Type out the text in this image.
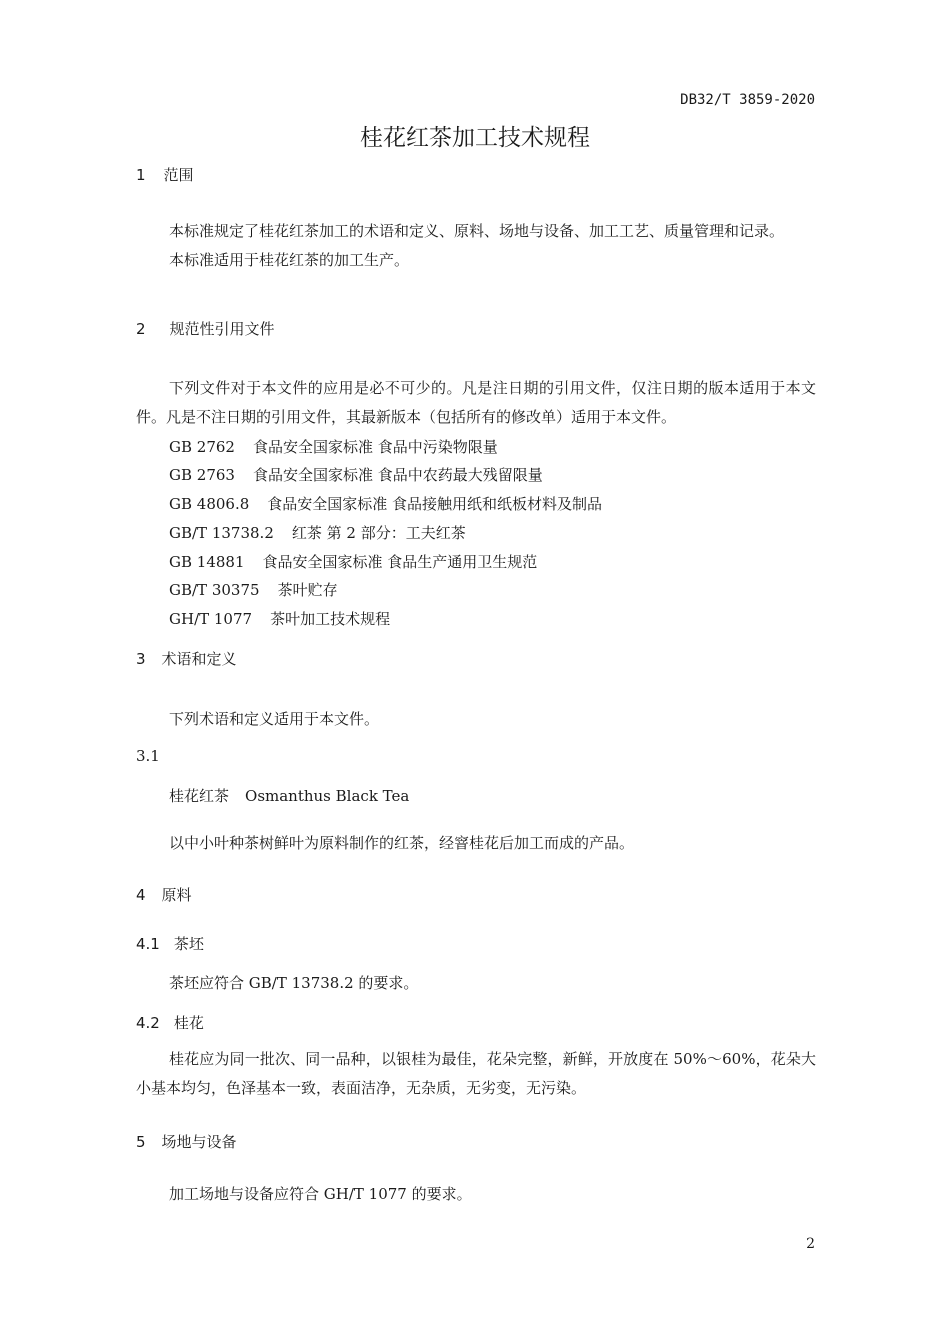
DB32/T 3859-2020
桂花红茶加工技术规程
1 范围
本标准规定了桂花红茶加工的术语和定义、原料、场地与设备、加工工艺、质量管理和记录。
本标准适用于桂花红茶的加工生产。
2 规范性引用文件
下列文件对于本文件的应用是必不可少的。凡是注日期的引用文件，仅注日期的版本适用于本文件。凡是不注日期的引用文件，其最新版本（包括所有的修改单）适用于本文件。
GB 2762 食品安全国家标准 食品中污染物限量
GB 2763 食品安全国家标准 食品中农药最大残留限量
GB 4806.8 食品安全国家标准 食品接触用纸和纸板材料及制品
GB/T 13738.2 红茶 第 2 部分：工夫红茶
GB 14881 食品安全国家标准 食品生产通用卫生规范
GB/T 30375 茶叶贮存
GH/T 1077 茶叶加工技术规程
3 术语和定义
下列术语和定义适用于本文件。
3.1
桂花红茶 Osmanthus Black Tea
以中小叶种茶树鲜叶为原料制作的红茶，经窨桂花后加工而成的产品。
4 原料
4.1 茶坯
茶坯应符合 GB/T 13738.2 的要求。
4.2 桂花
桂花应为同一批次、同一品种，以银桂为最佳，花朵完整，新鲜，开放度在 50%～60%，花朵大小基本均匀，色泽基本一致，表面洁净，无杂质，无劣变，无污染。
5 场地与设备
加工场地与设备应符合 GH/T 1077 的要求。
2
